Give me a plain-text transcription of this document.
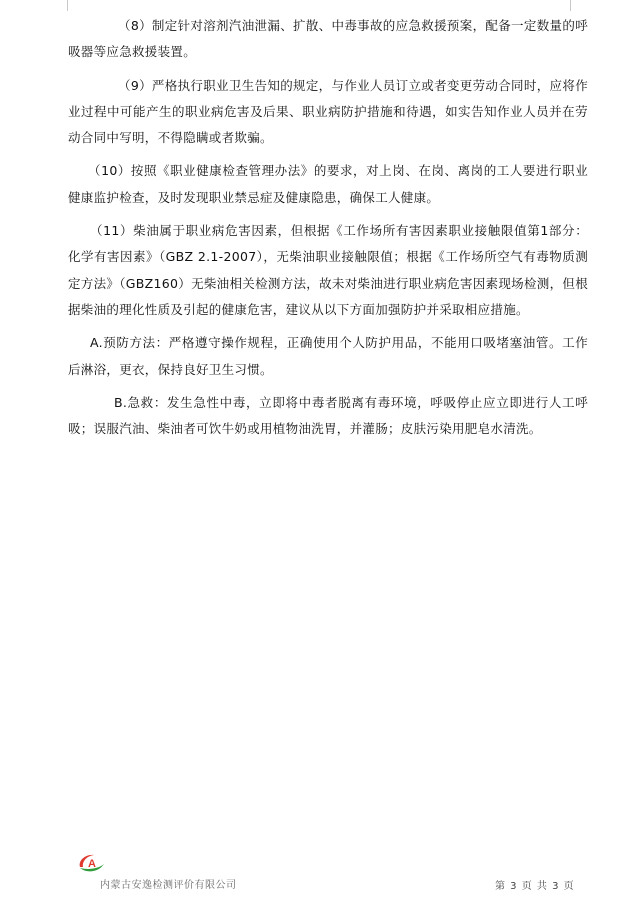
（8）制定针对溶剂汽油泄漏、扩散、中毒事故的应急救援预案，配备一定数量的呼吸器等应急救援装置。

（9）严格执行职业卫生告知的规定，与作业人员订立或者变更劳动合同时，应将作业过程中可能产生的职业病危害及后果、职业病防护措施和待遇，如实告知作业人员并在劳动合同中写明，不得隐瞒或者欺骗。

（10）按照《职业健康检查管理办法》的要求，对上岗、在岗、离岗的工人要进行职业健康监护检查，及时发现职业禁忌症及健康隐患，确保工人健康。

（11）柴油属于职业病危害因素，但根据《工作场所有害因素职业接触限值第1部分：化学有害因素》（GBZ 2.1-2007），无柴油职业接触限值；根据《工作场所空气有毒物质测定方法》（GBZ160）无柴油相关检测方法，故未对柴油进行职业病危害因素现场检测，但根据柴油的理化性质及引起的健康危害，建议从以下方面加强防护并采取相应措施。

A.预防方法：严格遵守操作规程，正确使用个人防护用品，不能用口吸堵塞油管。工作后淋浴，更衣，保持良好卫生习惯。

B.急救：发生急性中毒，立即将中毒者脱离有毒环境，呼吸停止应立即进行人工呼吸；误服汽油、柴油者可饮牛奶或用植物油洗胃，并灌肠；皮肤污染用肥皂水清洗。

A
内蒙古安逸检测评价有限公司	第 3 页 共 3 页
